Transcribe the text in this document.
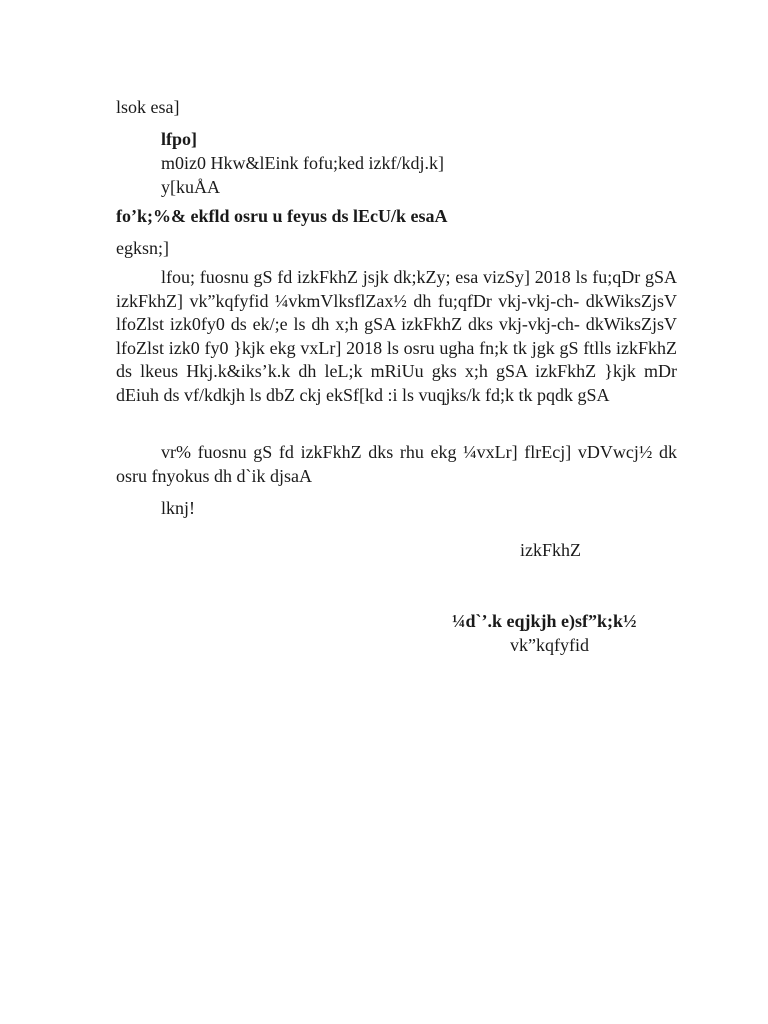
lsok esa]
lfpo]
m0iz0 Hkw&lEink fofu;ked izkf/kdj.k]
y[kuÅA
fo’k;%& ekfld osru u feyus ds lEcU/k esaA
egksn;]

lfou; fuosnu gS fd izkFkhZ jsjk dk;kZy; esa vizSy] 2018 ls fu;qDr gSA izkFkhZ] vk”kqfyfid ¼vkmVlksflZax½ dh fu;qfDr vkj-vkj-ch- dkWiksZjsV lfoZlst izk0fy0 ds ek/;e ls dh x;h gSA izkFkhZ dks vkj-vkj-ch- dkWiksZjsV lfoZlst izk0 fy0 }kjk ekg vxLr] 2018 ls osru ugha fn;k tk jgk gS ftlls izkFkhZ ds lkeus Hkj.k&iks’k.k dh leL;k mRiUu gks x;h gSA izkFkhZ }kjk mDr dEiuh ds vf/kdkjh ls dbZ ckj ekSf[kd :i ls vuqjks/k fd;k tk pqdk gSA

vr% fuosnu gS fd izkFkhZ dks rhu ekg ¼vxLr] flrEcj] vDVwcj½ dk osru fnyokus dh d`ik djsaA

lknj!
izkFkhZ
¼d`’.k eqjkjh e)sf”k;k½
vk”kqfyfid
